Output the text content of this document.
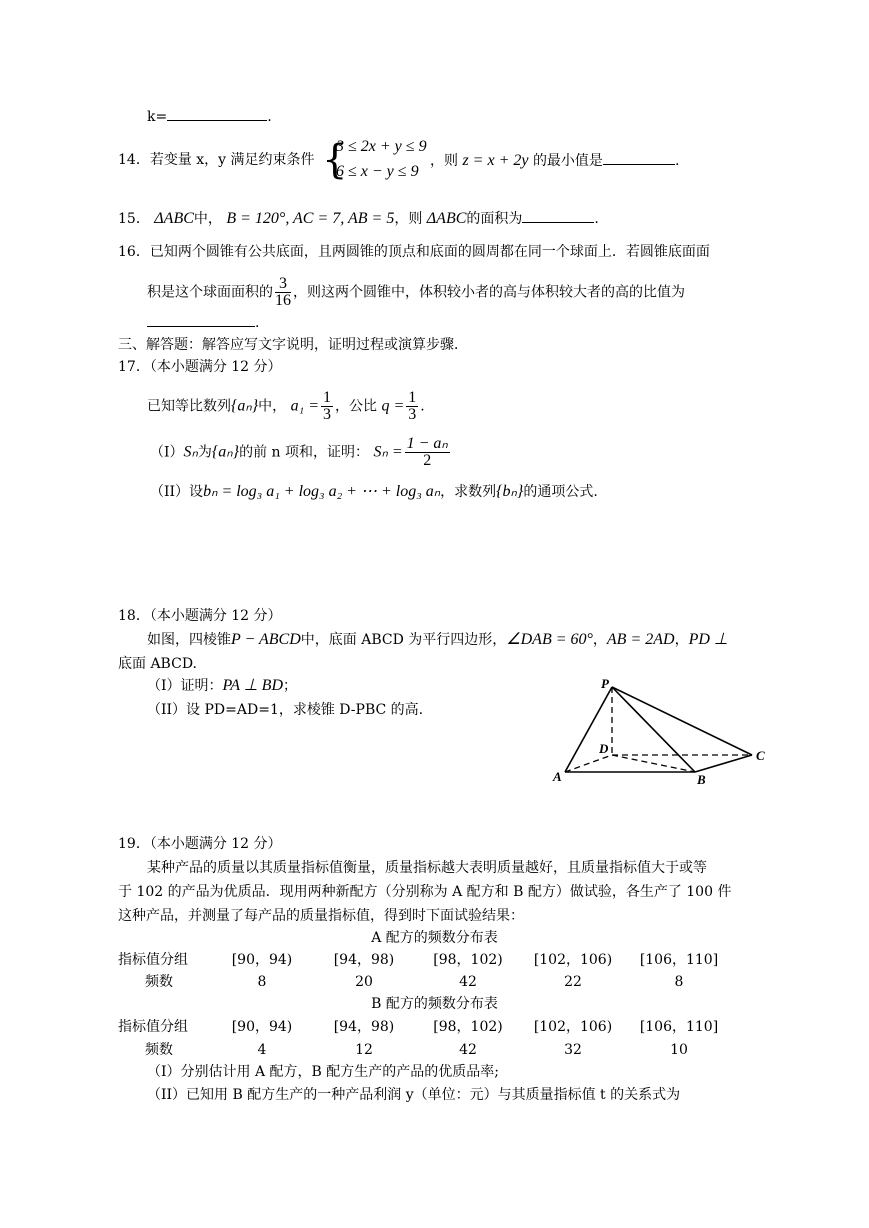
k=	.
14．若变量 x，y 满足约束条件 {
3 ≤ 2x + y ≤ 9
6 ≤ x − y ≤ 9
，则 z = x + 2y 的最小值是	.
15． ΔABC中， B = 120°, AC = 7, AB = 5，则 ΔABC的面积为	.
16．已知两个圆锥有公共底面，且两圆锥的顶点和底面的圆周都在同一个球面上．若圆锥底面面
积是这个球面面积的 $\frac{3}{16}$ ，则这两个圆锥中，体积较小者的高与体积较大者的高的比值为
.
三、解答题：解答应写文字说明，证明过程或演算步骤．
17．（本小题满分 12 分）
已知等比数列{aₙ}中， $a_1 = \frac{1}{3}$ ，公比 $q = \frac{1}{3}$ .
（I）Sₙ为{aₙ}的前 n 项和，证明： $S_n = \frac{\text{1 − aₙ}}{2}$
（II）设bₙ = log₃ a₁ + log₃ a₂ + ⋯ + log₃ aₙ，求数列{bₙ}的通项公式.
18．（本小题满分 12 分）
如图，四棱锥P − ABCD中，底面 ABCD 为平行四边形，∠DAB = 60°，AB = 2AD，PD ⊥
底面 ABCD.
（I）证明：PA ⊥ BD；
（II）设 PD=AD=1，求棱锥 D-PBC 的高.
P
D
A	B
C
19．（本小题满分 12 分）
某种产品的质量以其质量指标值衡量，质量指标越大表明质量越好，且质量指标值大于或等
于 102 的产品为优质品．现用两种新配方（分别称为 A 配方和 B 配方）做试验，各生产了 100 件
这种产品，并测量了每产品的质量指标值，得到时下面试验结果：
A 配方的频数分布表
指标值分组	[90，94)	[94，98)	[98，102)	[102，106)	[106，110]
频数	8	20	42	22	8
B 配方的频数分布表
指标值分组	[90，94)	[94，98)	[98，102)	[102，106)	[106，110]
频数	4	12	42	32	10
（I）分别估计用 A 配方，B 配方生产的产品的优质品率;
（II）已知用 B 配方生产的一种产品利润 y（单位：元）与其质量指标值 t 的关系式为
